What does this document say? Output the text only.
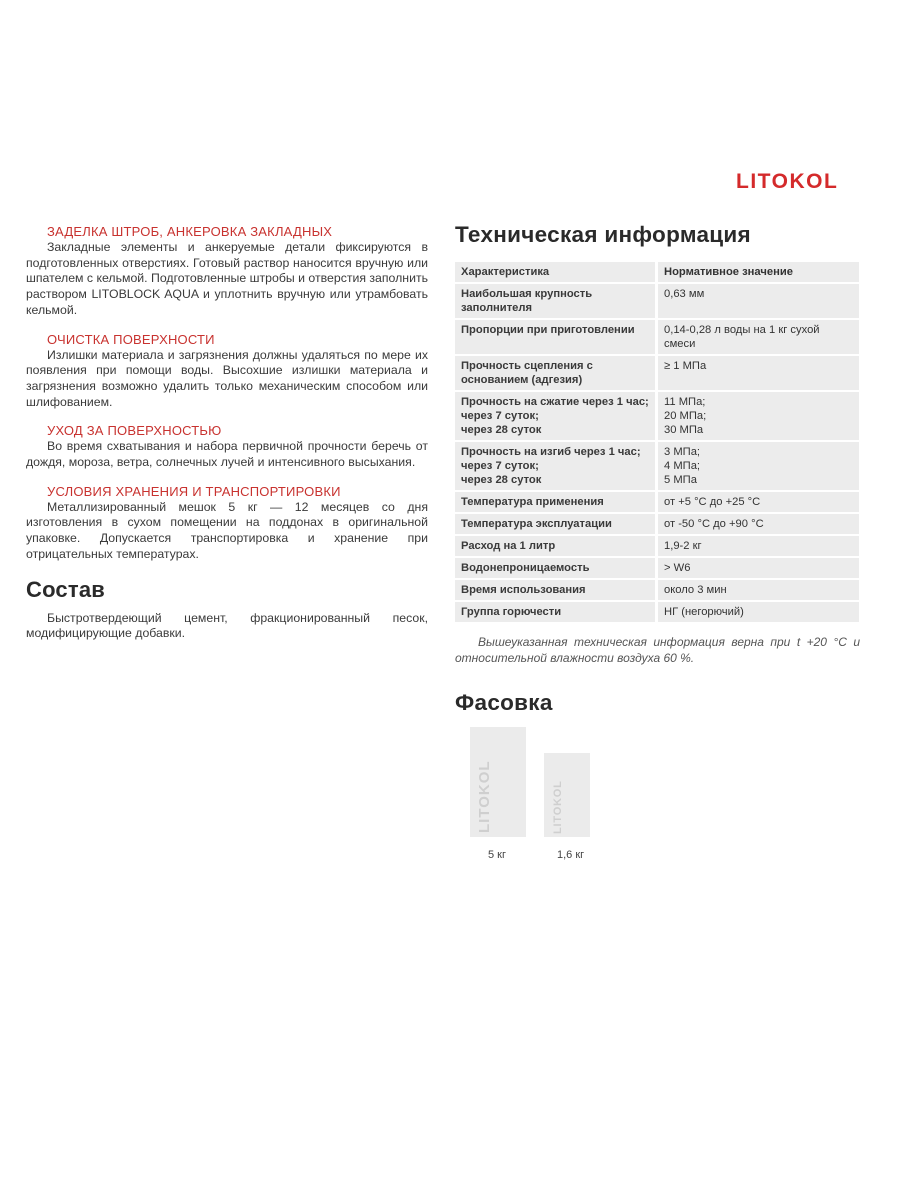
LITOKOL
ЗАДЕЛКА ШТРОБ, АНКЕРОВКА ЗАКЛАДНЫХ

Закладные элементы и анкеруемые детали фиксируются в подготовленных отверстиях. Готовый раствор наносится вручную или шпателем с кельмой. Подготовленные штробы и отверстия заполнить раствором LITOBLOCK AQUA и уплотнить вручную или утрамбовать кельмой.

ОЧИСТКА ПОВЕРХНОСТИ

Излишки материала и загрязнения должны удаляться по мере их появления при помощи воды. Высохшие излишки материала и загрязнения возможно удалить только механическим способом или шлифованием.

УХОД ЗА ПОВЕРХНОСТЬЮ

Во время схватывания и набора первичной прочности беречь от дождя, мороза, ветра, солнечных лучей и интенсивного высыхания.

УСЛОВИЯ ХРАНЕНИЯ И ТРАНСПОРТИРОВКИ

Металлизированный мешок 5 кг — 12 месяцев со дня изготовления в сухом помещении на поддонах в оригинальной упаковке. Допускается транспортировка и хранение при отрицательных температурах.

Состав

Быстротвердеющий цемент, фракционированный песок, модифицирующие добавки.

Техническая информация
Характеристика	Нормативное значение
Наибольшая крупность заполнителя	0,63 мм
Пропорции при приготовлении	0,14-0,28 л воды на 1 кг сухой смеси
Прочность сцепления с основанием (адгезия)	≥ 1 МПа
Прочность на сжатие через 1 час;
через 7 суток;
через 28 суток	11 МПа;
20 МПа;
30 МПа
Прочность на изгиб через 1 час;
через 7 суток;
через 28 суток	3 МПа;
4 МПа;
5 МПа
Температура применения	от +5 °С до +25 °С
Температура эксплуатации	от -50 °С до +90 °С
Расход на 1 литр	1,9-2 кг
Водонепроницаемость	> W6
Время использования	около 3 мин
Группа горючести	НГ (негорючий)

Вышеуказанная техническая информация верна при t +20 °С и относительной влажности воздуха 60 %.

Фасовка
LITOKOL
5 кг
LITOKOL
1,6 кг
